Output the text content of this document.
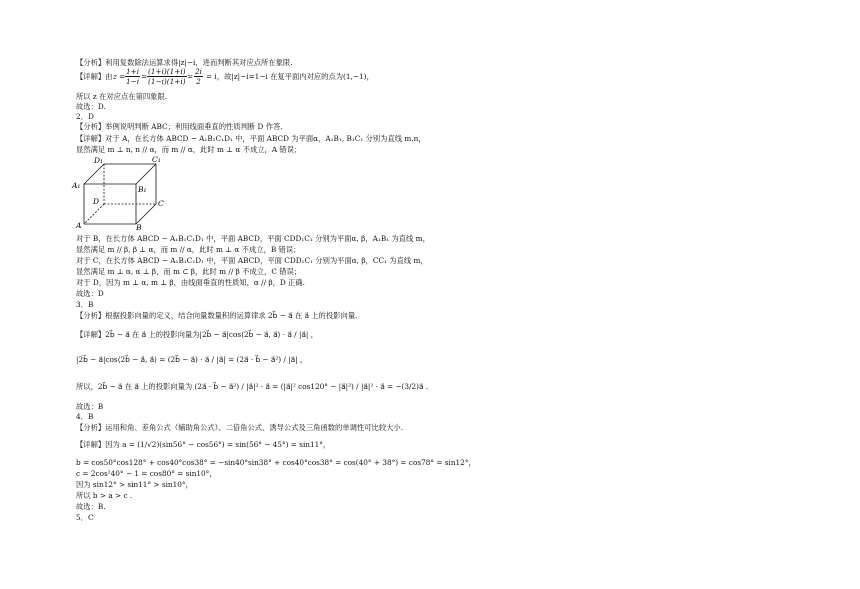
【分析】利用复数除法运算求得|z|−i，进而判断其对应点所在象限.
【详解】由 $z = \frac{1+i}{1-i} = \frac{(1+i)(1+i)}{(1-i)(1+i)} = \frac{2i}{2} = i$，故|z|−i=1−i 在复平面内对应的点为(1,−1)，
所以 z 在对应点在第四象限.
故选：D.
2．D
【分析】举例说明判断 ABC；利用线面垂直的性质判断 D 作答.
【详解】对于 A，在长方体 ABCD − A₁B₁C₁D₁ 中，平面 ABCD 为平面α，A₁B₁, B₁C₁ 分别为直线 m,n，
显然满足 m ⊥ n, n // α，而 m // α，此时 m ⊥ α 不成立，A 错误；
D₁	C₁
A₁	B₁
D	C
A	B
对于 B，在长方体 ABCD − A₁B₁C₁D₁ 中，平面 ABCD，平面 CDD₁C₁ 分别为平面α, β，A₁B₁ 为直线 m，
显然满足 m // β, β ⊥ α，而 m // α，此时 m ⊥ α 不成立，B 错误；
对于 C，在长方体 ABCD − A₁B₁C₁D₁ 中，平面 ABCD，平面 CDD₁C₁ 分别为平面α, β，CC₁ 为直线 m，
显然满足 m ⊥ α, α ⊥ β，而 m ⊂ β，此时 m // β 不成立，C 错误；
对于 D，因为 m ⊥ α, m ⊥ β，由线面垂直的性质知，α // β，D 正确.
故选：D
3．B
【分析】根据投影向量的定义，结合向量数量积的运算律求 2b⃗ − a⃗ 在 a⃗ 上的投影向量.
【详解】2b⃗ − a⃗ 在 a⃗ 上的投影向量为|2b⃗ − a⃗|cos⟨2b⃗ − a⃗, a⃗⟩ · a⃗ / |a⃗| ，
|2b⃗ − a⃗|cos⟨2b⃗ − a⃗, a⃗⟩ = (2b⃗ − a⃗) · a⃗ / |a⃗| = (2a⃗ · b⃗ − a⃗²) / |a⃗| ，
所以，2b⃗ − a⃗ 在 a⃗ 上的投影向量为 (2a⃗ · b⃗ − a⃗²) / |a⃗|² · a⃗ = (|a⃗|² cos120° − |a⃗|²) / |a⃗|² · a⃗ = −(3/2)a⃗ .
故选：B
4．B
【分析】运用和角、差角公式（辅助角公式）、二倍角公式、诱导公式及三角函数的单调性可比较大小.
【详解】因为 a = (1/√2)(sin56° − cos56°) = sin(56° − 45°) = sin11°，
b = cos50°cos128° + cos40°cos38° = −sin40°sin38° + cos40°cos38° = cos(40° + 38°) = cos78° = sin12°，
c = 2cos²40° − 1 = cos80° = sin10°，
因为 sin12° > sin11° > sin10°，
所以 b > a > c .
故选：B.
5．C
